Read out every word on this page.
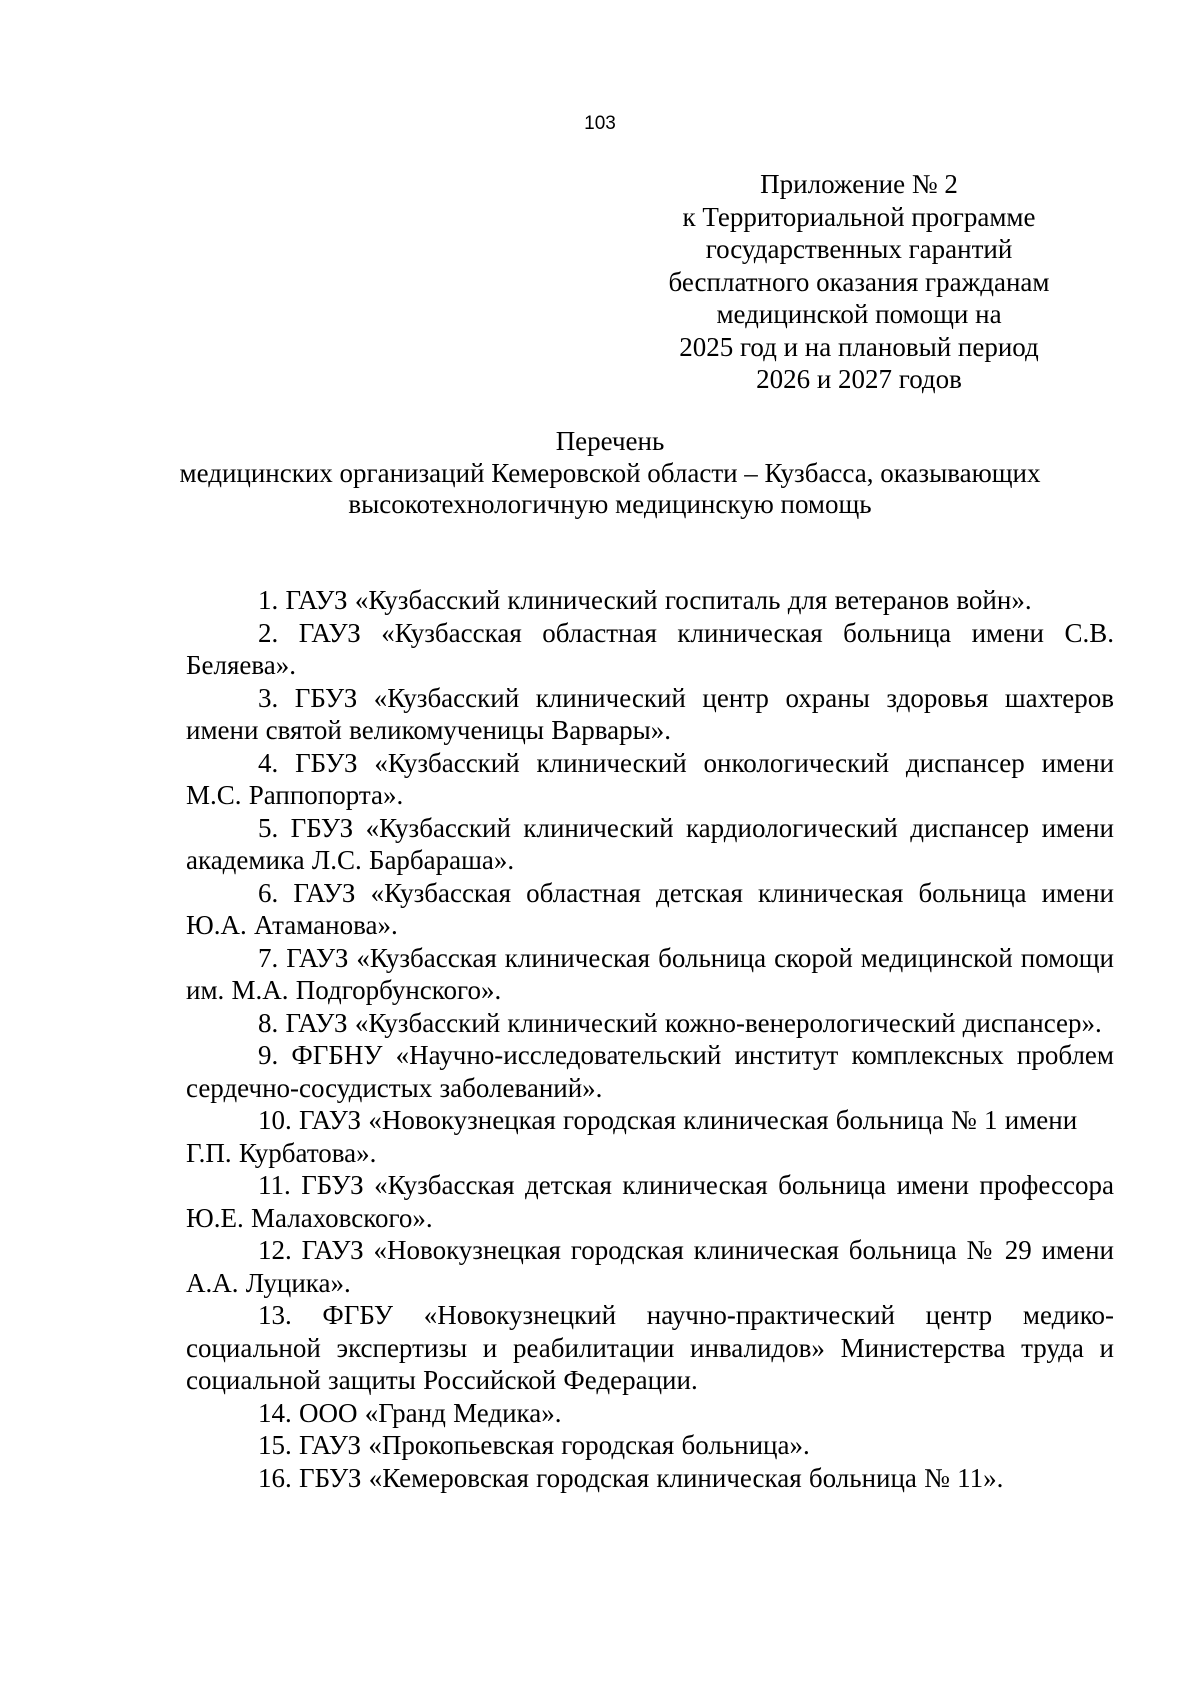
103
Приложение № 2
к Территориальной программе
государственных гарантий
бесплатного оказания гражданам
медицинской помощи на
2025 год и на плановый период
2026 и 2027 годов
Перечень
медицинских организаций Кемеровской области – Кузбасса, оказывающих
высокотехнологичную медицинскую помощь

1. ГАУЗ «Кузбасский клинический госпиталь для ветеранов войн».

2. ГАУЗ «Кузбасская областная клиническая больница имени С.В. Беляева».

3. ГБУЗ «Кузбасский клинический центр охраны здоровья шахтеров имени святой великомученицы Варвары».

4. ГБУЗ «Кузбасский клинический онкологический диспансер имени М.С. Раппопорта».

5. ГБУЗ «Кузбасский клинический кардиологический диспансер имени академика Л.С. Барбараша».

6. ГАУЗ «Кузбасская областная детская клиническая больница имени Ю.А. Атаманова».

7. ГАУЗ «Кузбасская клиническая больница скорой медицинской помощи им. М.А. Подгорбунского».

8. ГАУЗ «Кузбасский клинический кожно-венерологический диспансер».

9. ФГБНУ «Научно-исследовательский институт комплексных проблем сердечно-сосудистых заболеваний».

10. ГАУЗ «Новокузнецкая городская клиническая больница № 1 имени
Г.П. Курбатова».

11. ГБУЗ «Кузбасская детская клиническая больница имени профессора Ю.Е. Малаховского».

12. ГАУЗ «Новокузнецкая городская клиническая больница № 29 имени А.А. Луцика».

13. ФГБУ «Новокузнецкий научно-практический центр медико-социальной экспертизы и реабилитации инвалидов» Министерства труда и социальной защиты Российской Федерации.

14. ООО «Гранд Медика».

15. ГАУЗ «Прокопьевская городская больница».

16. ГБУЗ «Кемеровская городская клиническая больница № 11».
